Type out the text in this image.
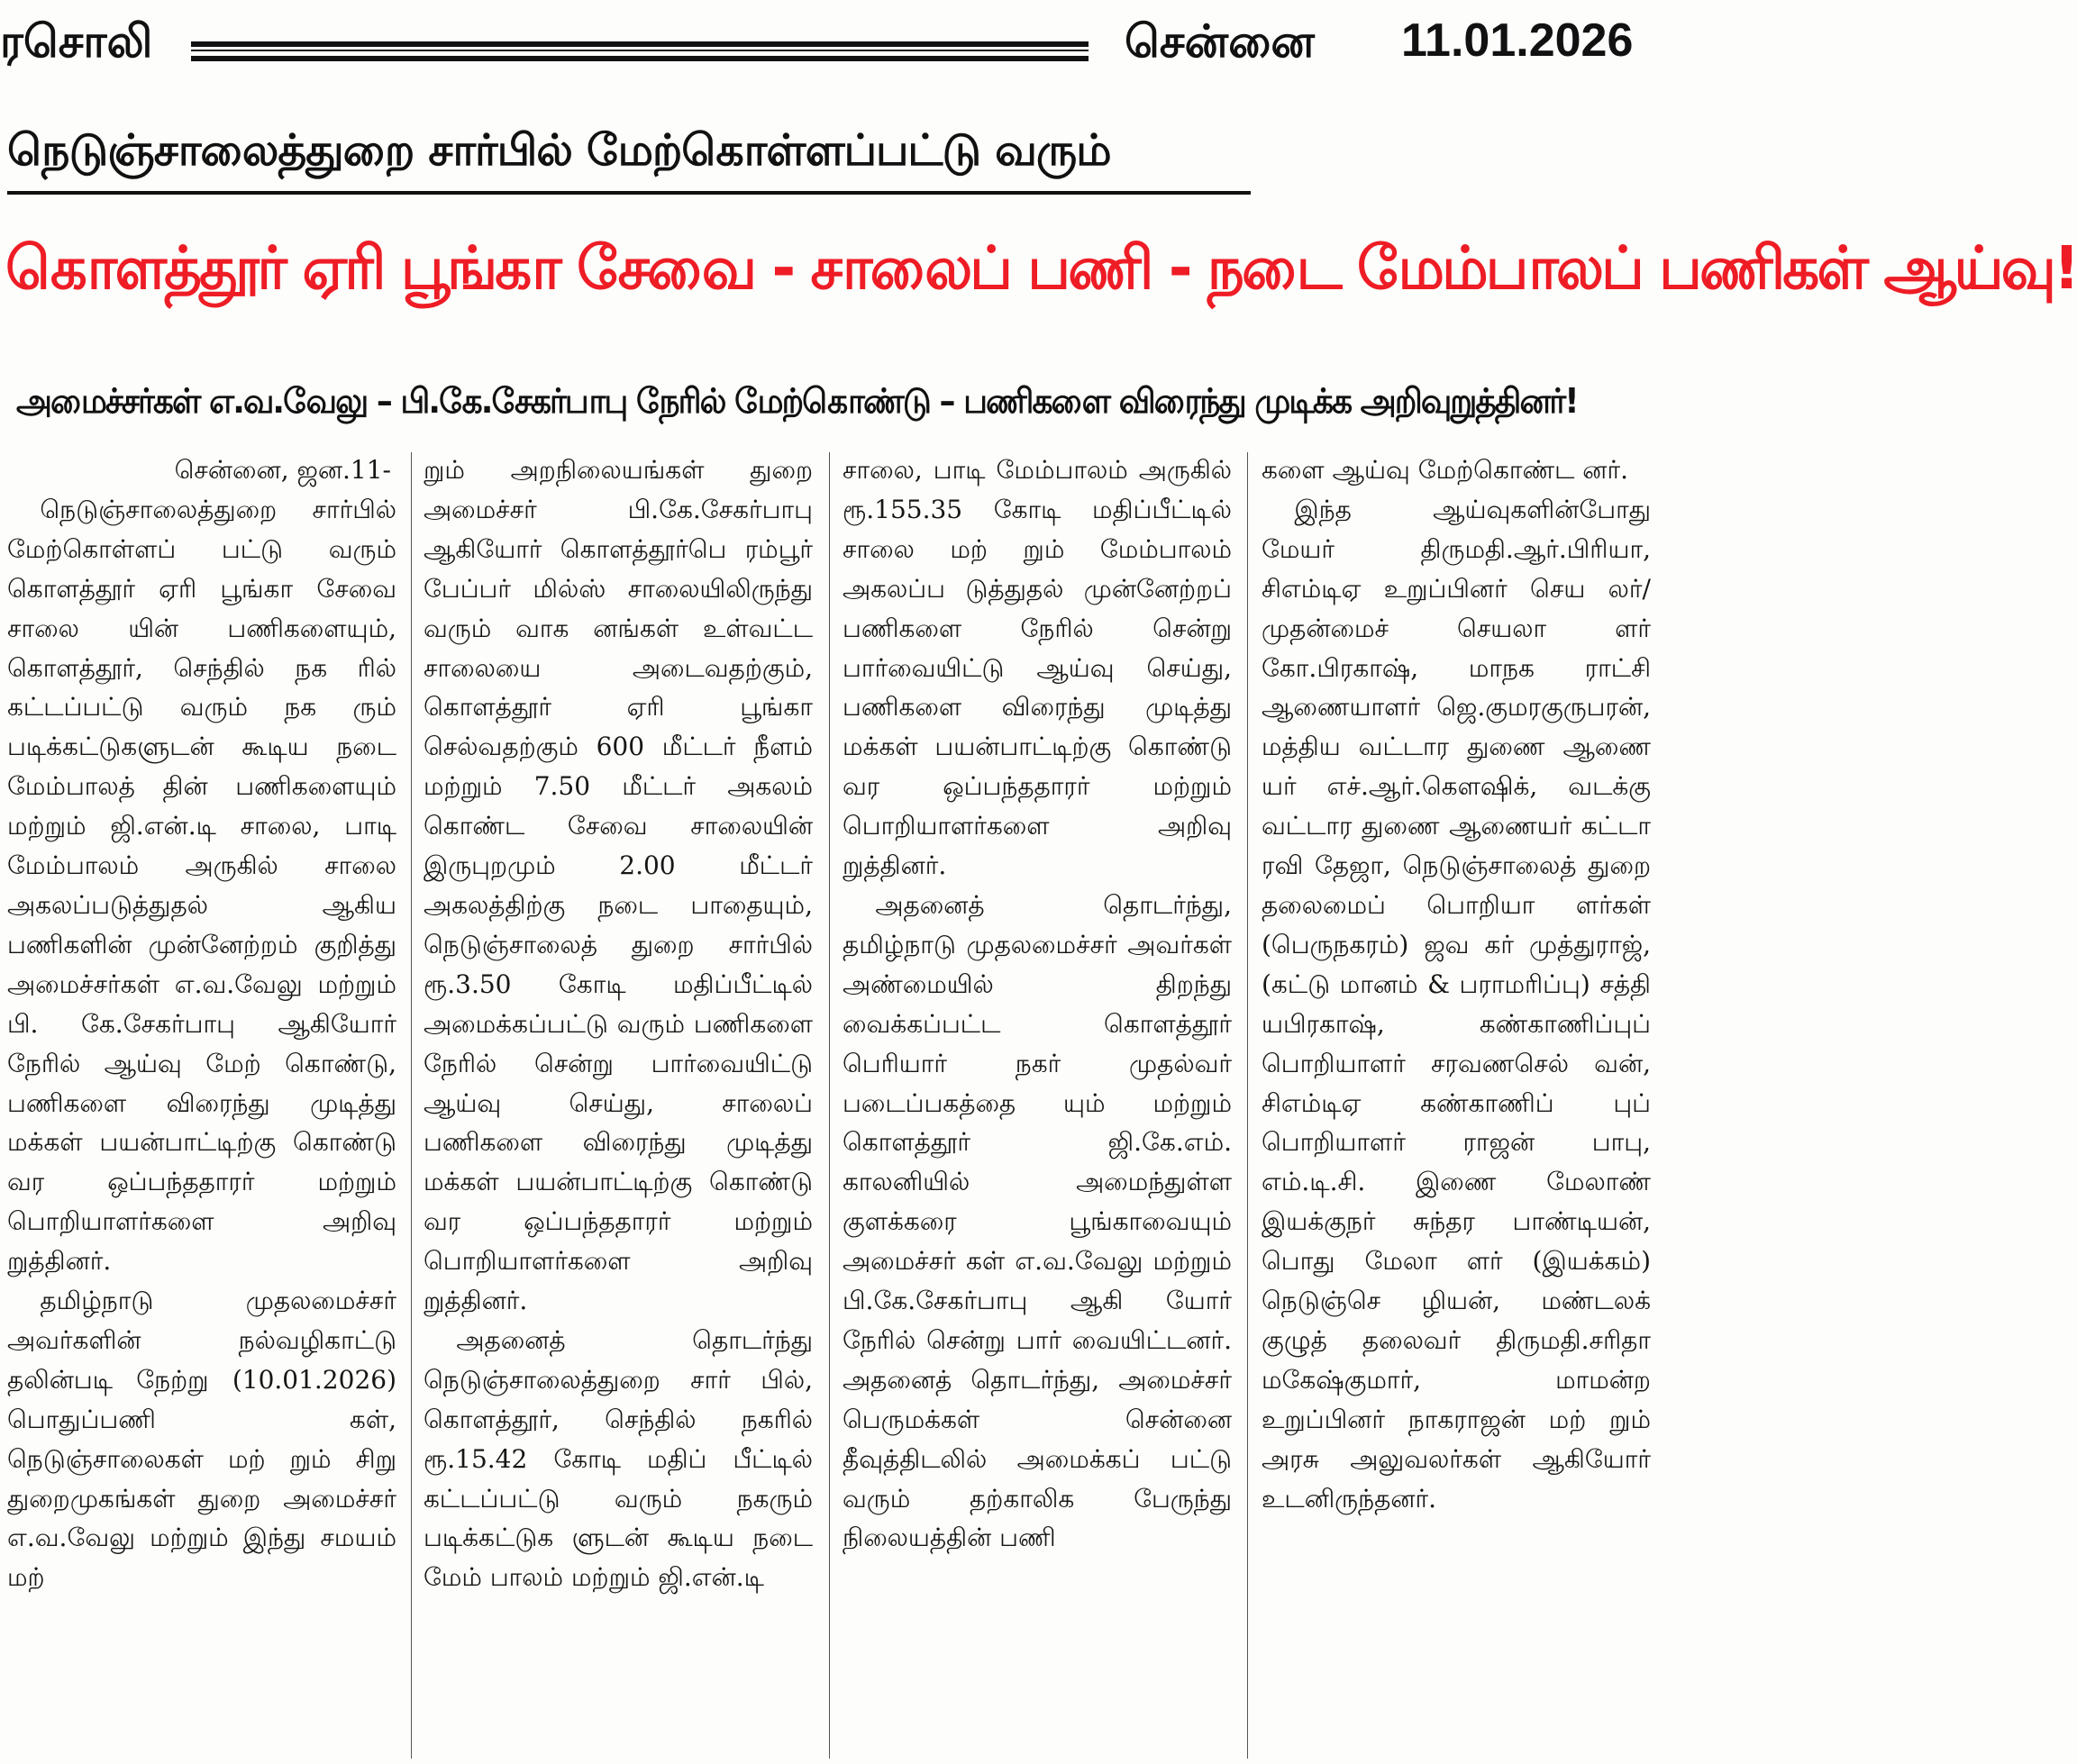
ரசொலி	சென்னை 11.01.2026
நெடுஞ்சாலைத்துறை சார்பில் மேற்கொள்ளப்பட்டு வரும்
கொளத்தூர் ஏரி பூங்கா சேவை - சாலைப் பணி - நடை மேம்பாலப் பணிகள் ஆய்வு!
அமைச்சர்கள் எ.வ.வேலு – பி.கே.சேகர்பாபு நேரில் மேற்கொண்டு – பணிகளை விரைந்து முடிக்க அறிவுறுத்தினர்!

சென்னை, ஜன.11-

நெடுஞ்சாலைத்துறை சார்பில் மேற்கொள்ளப் பட்டு வரும் கொளத்தூர் ஏரி பூங்கா சேவை சாலை யின் பணிகளையும், கொளத்தூர், செந்தில் நக ரில் கட்டப்பட்டு வரும் நக ரும் படிக்கட்டுகளுடன் கூடிய நடை மேம்பாலத் தின் பணிகளையும் மற்றும் ஜி.என்.டி சாலை, பாடி மேம்பாலம் அருகில் சாலை அகலப்படுத்துதல் ஆகிய பணிகளின் முன்னேற்றம் குறித்து அமைச்சர்கள் எ.வ.வேலு மற்றும் பி. கே.சேகர்பாபு ஆகியோர் நேரில் ஆய்வு மேற் கொண்டு, பணிகளை விரைந்து முடித்து மக்கள் பயன்பாட்டிற்கு கொண்டு வர ஒப்பந்ததாரர் மற்றும் பொறியாளர்களை அறிவு றுத்தினர்.

தமிழ்நாடு முதலமைச்சர் அவர்களின் நல்வழிகாட்டு தலின்படி நேற்று (10.01.2026) பொதுப்பணி கள், நெடுஞ்சாலைகள் மற் றும் சிறு துறைமுகங்கள் துறை அமைச்சர் எ.வ.வேலு மற்றும் இந்து சமயம் மற்

றும் அறநிலையங்கள் துறை அமைச்சர் பி.கே.சேகர்பாபு ஆகியோர் கொளத்தூர்பெ ரம்பூர் பேப்பர் மில்ஸ் சாலையிலிருந்து வரும் வாக னங்கள் உள்வட்ட சாலையை அடைவதற்கும், கொளத்தூர் ஏரி பூங்கா செல்வதற்கும் 600 மீட்டர் நீளம் மற்றும் 7.50 மீட்டர் அகலம் கொண்ட சேவை சாலையின் இருபுறமும் 2.00 மீட்டர் அகலத்திற்கு நடை பாதையும், நெடுஞ்சாலைத் துறை சார்பில் ரூ.3.50 கோடி மதிப்பீட்டில் அமைக்கப்பட்டு வரும் பணிகளை நேரில் சென்று பார்வையிட்டு ஆய்வு செய்து, சாலைப் பணிகளை விரைந்து முடித்து மக்கள் பயன்பாட்டிற்கு கொண்டு வர ஒப்பந்ததாரர் மற்றும் பொறியாளர்களை அறிவு றுத்தினர்.

அதனைத் தொடர்ந்து நெடுஞ்சாலைத்துறை சார் பில், கொளத்தூர், செந்தில் நகரில் ரூ.15.42 கோடி மதிப் பீட்டில் கட்டப்பட்டு வரும் நகரும் படிக்கட்டுக ளுடன் கூடிய நடை மேம் பாலம் மற்றும் ஜி.என்.டி

சாலை, பாடி மேம்பாலம் அருகில் ரூ.155.35 கோடி மதிப்பீட்டில் சாலை மற் றும் மேம்பாலம் அகலப்ப டுத்துதல் முன்னேற்றப் பணிகளை நேரில் சென்று பார்வையிட்டு ஆய்வு செய்து, பணிகளை விரைந்து முடித்து மக்கள் பயன்பாட்டிற்கு கொண்டு வர ஒப்பந்ததாரர் மற்றும் பொறியாளர்களை அறிவு றுத்தினர்.

அதனைத் தொடர்ந்து, தமிழ்நாடு முதலமைச்சர் அவர்கள் அண்மையில் திறந்து வைக்கப்பட்ட கொளத்தூர் பெரியார் நகர் முதல்வர் படைப்பகத்தை யும் மற்றும் கொளத்தூர் ஜி.கே.எம். காலனியில் அமைந்துள்ள குளக்கரை பூங்காவையும் அமைச்சர் கள் எ.வ.வேலு மற்றும் பி.கே.சேகர்பாபு ஆகி யோர் நேரில் சென்று பார் வையிட்டனர். அதனைத் தொடர்ந்து, அமைச்சர் பெருமக்கள் சென்னை தீவுத்திடலில் அமைக்கப் பட்டு வரும் தற்காலிக பேருந்து நிலையத்தின் பணி

களை ஆய்வு மேற்கொண்ட னர்.

இந்த ஆய்வுகளின்போது மேயர் திருமதி.ஆர்.பிரியா, சிஎம்டிஏ உறுப்பினர் செய லர்/ முதன்மைச் செயலா ளர் கோ.பிரகாஷ், மாநக ராட்சி ஆணையாளர் ஜெ.குமரகுருபரன், மத்திய வட்டார துணை ஆணை யர் எச்.ஆர்.கௌஷிக், வடக்கு வட்டார துணை ஆணையர் கட்டா ரவி தேஜா, நெடுஞ்சாலைத் துறை தலைமைப் பொறியா ளர்கள் (பெருநகரம்) ஜவ கர் முத்துராஜ், (கட்டு மானம் & பராமரிப்பு) சத்தி யபிரகாஷ், கண்காணிப்புப் பொறியாளர் சரவணசெல் வன், சிஎம்டிஏ கண்காணிப் புப் பொறியாளர் ராஜன் பாபு, எம்.டி.சி. இணை மேலாண் இயக்குநர் சுந்தர பாண்டியன், பொது மேலா ளர் (இயக்கம்) நெடுஞ்செ ழியன், மண்டலக் குழுத் தலைவர் திருமதி.சரிதா மகேஷ்குமார், மாமன்ற உறுப்பினர் நாகராஜன் மற் றும் அரசு அலுவலர்கள் ஆகியோர் உடனிருந்தனர்.
